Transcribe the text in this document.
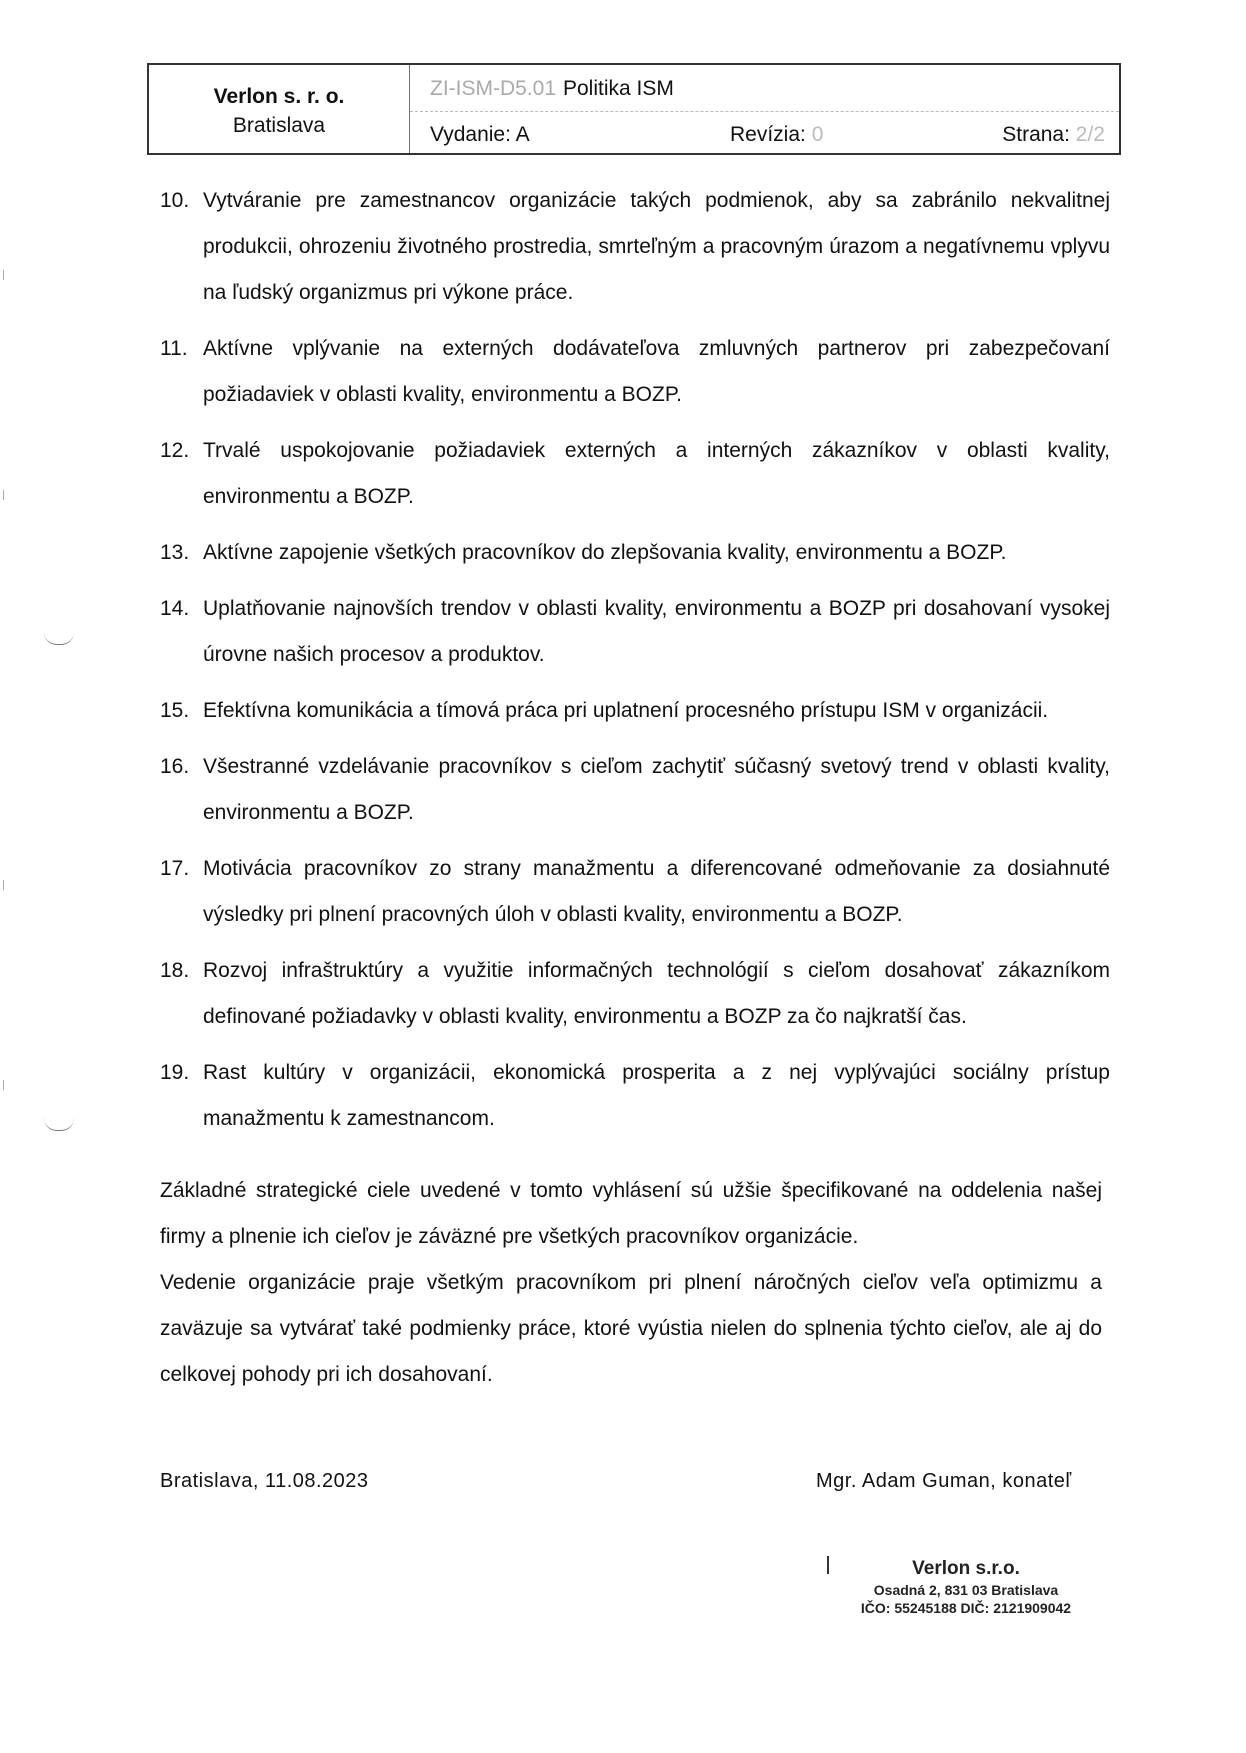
Verlon s. r. o.
Bratislava
ZI-ISM-D5.01 Politika ISM
Vydanie: A	Revízia: 0	Strana: 2/2
10. Vytváranie pre zamestnancov organizácie takých podmienok, aby sa zabránilo nekvalitnej produkcii, ohrozeniu životného prostredia, smrteľným a pracovným úrazom a negatívnemu vplyvu na ľudský organizmus pri výkone práce.
11. Aktívne vplývanie na externých dodávateľova zmluvných partnerov pri zabezpečovaní požiadaviek v oblasti kvality, environmentu a BOZP.
12. Trvalé uspokojovanie požiadaviek externých a interných zákazníkov v oblasti kvality, environmentu a BOZP.
13. Aktívne zapojenie všetkých pracovníkov do zlepšovania kvality, environmentu a BOZP.
14. Uplatňovanie najnovších trendov v oblasti kvality, environmentu a BOZP pri dosahovaní vysokej úrovne našich procesov a produktov.
15. Efektívna komunikácia a tímová práca pri uplatnení procesného prístupu ISM v organizácii.
16. Všestranné vzdelávanie pracovníkov s cieľom zachytiť súčasný svetový trend v oblasti kvality, environmentu a BOZP.
17. Motivácia pracovníkov zo strany manažmentu a diferencované odmeňovanie za dosiahnuté výsledky pri plnení pracovných úloh v oblasti kvality, environmentu a BOZP.
18. Rozvoj infraštruktúry a využitie informačných technológií s cieľom dosahovať zákazníkom definované požiadavky v oblasti kvality, environmentu a BOZP za čo najkratší čas.
19. Rast kultúry v organizácii, ekonomická prosperita a z nej vyplývajúci sociálny prístup manažmentu k zamestnancom.
Základné strategické ciele uvedené v tomto vyhlásení sú užšie špecifikované na oddelenia našej firmy a plnenie ich cieľov je záväzné pre všetkých pracovníkov organizácie.
Vedenie organizácie praje všetkým pracovníkom pri plnení náročných cieľov veľa optimizmu a zaväzuje sa vytvárať také podmienky práce, ktoré vyústia nielen do splnenia týchto cieľov, ale aj do celkovej pohody pri ich dosahovaní.
Bratislava, 11.08.2023	Mgr. Adam Guman, konateľ
Verlon s.r.o.
Osadná 2, 831 03 Bratislava
IČO: 55245188 DIČ: 2121909042
